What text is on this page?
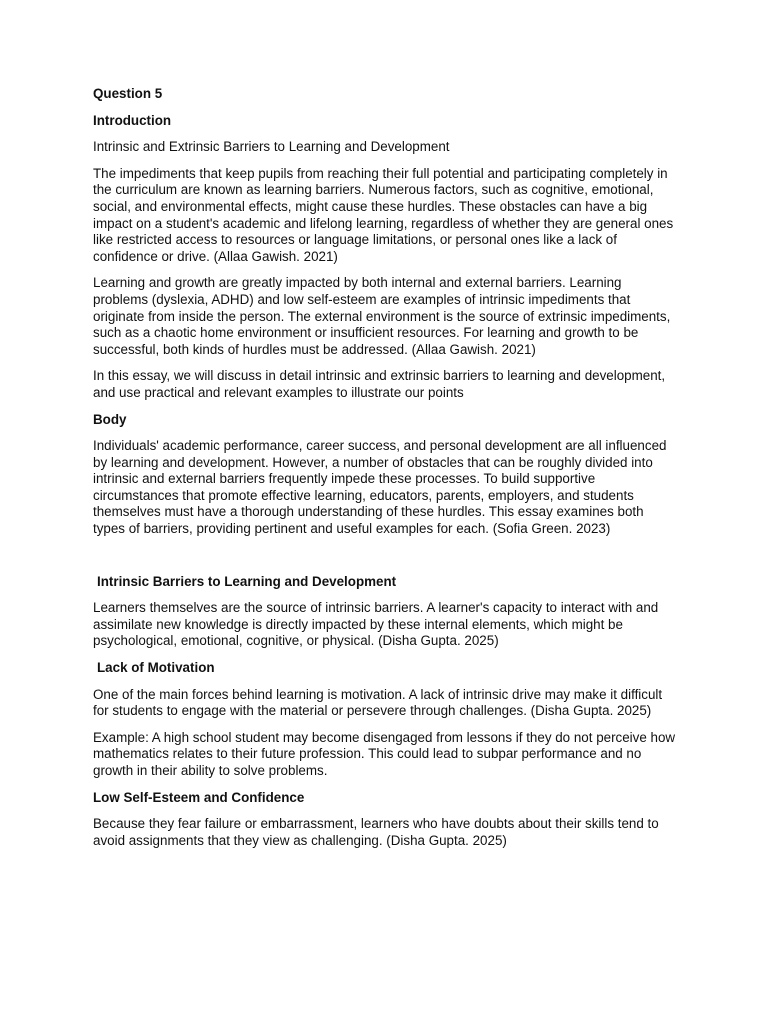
Question 5
Introduction
Intrinsic and Extrinsic Barriers to Learning and Development
The impediments that keep pupils from reaching their full potential and participating completely in the curriculum are known as learning barriers. Numerous factors, such as cognitive, emotional, social, and environmental effects, might cause these hurdles. These obstacles can have a big impact on a student's academic and lifelong learning, regardless of whether they are general ones like restricted access to resources or language limitations, or personal ones like a lack of confidence or drive. (Allaa Gawish. 2021)
Learning and growth are greatly impacted by both internal and external barriers. Learning problems (dyslexia, ADHD) and low self-esteem are examples of intrinsic impediments that originate from inside the person. The external environment is the source of extrinsic impediments, such as a chaotic home environment or insufficient resources. For learning and growth to be successful, both kinds of hurdles must be addressed. (Allaa Gawish. 2021)
In this essay, we will discuss in detail intrinsic and extrinsic barriers to learning and development, and use practical and relevant examples to illustrate our points
Body
Individuals' academic performance, career success, and personal development are all influenced by learning and development. However, a number of obstacles that can be roughly divided into intrinsic and external barriers frequently impede these processes. To build supportive circumstances that promote effective learning, educators, parents, employers, and students themselves must have a thorough understanding of these hurdles. This essay examines both types of barriers, providing pertinent and useful examples for each. (Sofia Green. 2023)
Intrinsic Barriers to Learning and Development
Learners themselves are the source of intrinsic barriers. A learner's capacity to interact with and assimilate new knowledge is directly impacted by these internal elements, which might be psychological, emotional, cognitive, or physical. (Disha Gupta. 2025)
Lack of Motivation
One of the main forces behind learning is motivation. A lack of intrinsic drive may make it difficult for students to engage with the material or persevere through challenges. (Disha Gupta. 2025)
Example: A high school student may become disengaged from lessons if they do not perceive how mathematics relates to their future profession. This could lead to subpar performance and no growth in their ability to solve problems.
Low Self-Esteem and Confidence
Because they fear failure or embarrassment, learners who have doubts about their skills tend to avoid assignments that they view as challenging. (Disha Gupta. 2025)
